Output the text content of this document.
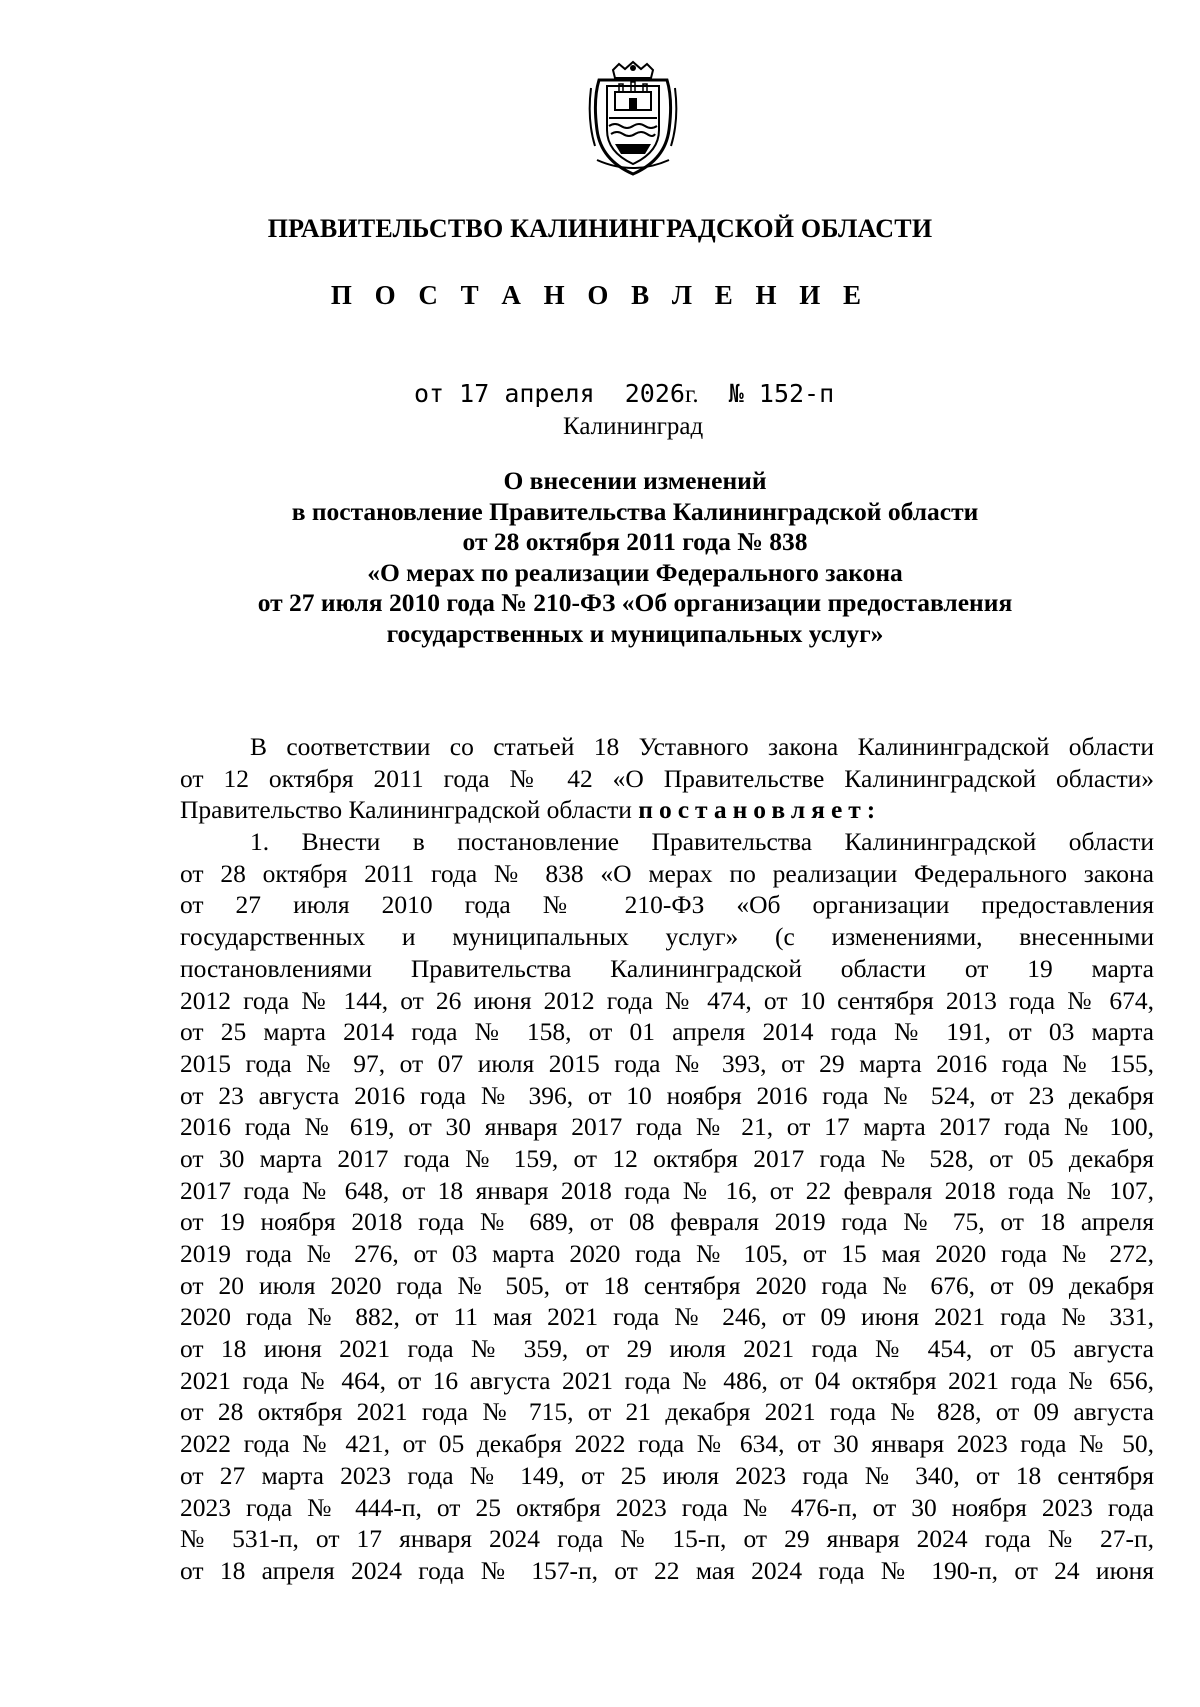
ПРАВИТЕЛЬСТВО КАЛИНИНГРАДСКОЙ ОБЛАСТИ
П О С Т А Н О В Л Е Н И Е
от 17 апреля 2026г. № 152-п
Калининград
О внесении изменений
в постановление Правительства Калининградской области
от 28 октября 2011 года № 838
«О мерах по реализации Федерального закона
от 27 июля 2010 года № 210-ФЗ «Об организации предоставления
государственных и муниципальных услуг»
В соответствии со статьей 18 Уставного закона Калининградской области
от 12 октября 2011 года № 42 «О Правительстве Калининградской области»
Правительство Калининградской области постановляет:
1. Внести в постановление Правительства Калининградской области
от 28 октября 2011 года № 838 «О мерах по реализации Федерального закона
от 27 июля 2010 года № 210-ФЗ «Об организации предоставления
государственных и муниципальных услуг» (с изменениями, внесенными
постановлениями Правительства Калининградской области от 19 марта
2012 года № 144, от 26 июня 2012 года № 474, от 10 сентября 2013 года № 674,
от 25 марта 2014 года № 158, от 01 апреля 2014 года № 191, от 03 марта
2015 года № 97, от 07 июля 2015 года № 393, от 29 марта 2016 года № 155,
от 23 августа 2016 года № 396, от 10 ноября 2016 года № 524, от 23 декабря
2016 года № 619, от 30 января 2017 года № 21, от 17 марта 2017 года № 100,
от 30 марта 2017 года № 159, от 12 октября 2017 года № 528, от 05 декабря
2017 года № 648, от 18 января 2018 года № 16, от 22 февраля 2018 года № 107,
от 19 ноября 2018 года № 689, от 08 февраля 2019 года № 75, от 18 апреля
2019 года № 276, от 03 марта 2020 года № 105, от 15 мая 2020 года № 272,
от 20 июля 2020 года № 505, от 18 сентября 2020 года № 676, от 09 декабря
2020 года № 882, от 11 мая 2021 года № 246, от 09 июня 2021 года № 331,
от 18 июня 2021 года № 359, от 29 июля 2021 года № 454, от 05 августа
2021 года № 464, от 16 августа 2021 года № 486, от 04 октября 2021 года № 656,
от 28 октября 2021 года № 715, от 21 декабря 2021 года № 828, от 09 августа
2022 года № 421, от 05 декабря 2022 года № 634, от 30 января 2023 года № 50,
от 27 марта 2023 года № 149, от 25 июля 2023 года № 340, от 18 сентября
2023 года № 444-п, от 25 октября 2023 года № 476-п, от 30 ноября 2023 года
№ 531-п, от 17 января 2024 года № 15-п, от 29 января 2024 года № 27-п,
от 18 апреля 2024 года № 157-п, от 22 мая 2024 года № 190-п, от 24 июня
